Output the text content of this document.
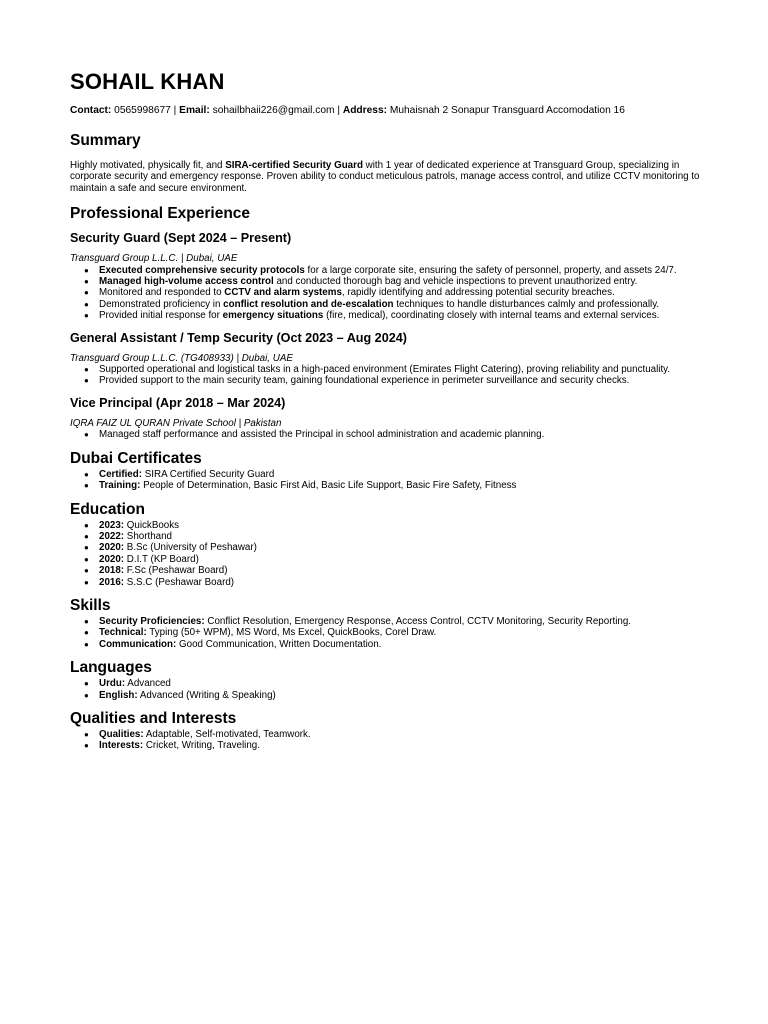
SOHAIL KHAN
Contact: 0565998677 | Email: sohailbhaii226@gmail.com | Address: Muhaisnah 2 Sonapur Transguard Accomodation 16
Summary
Highly motivated, physically fit, and SIRA-certified Security Guard with 1 year of dedicated experience at Transguard Group, specializing in corporate security and emergency response. Proven ability to conduct meticulous patrols, manage access control, and utilize CCTV monitoring to maintain a safe and secure environment.
Professional Experience
Security Guard (Sept 2024 – Present)
Transguard Group L.L.C. | Dubai, UAE
● Executed comprehensive security protocols for a large corporate site, ensuring the safety of personnel, property, and assets 24/7.
● Managed high-volume access control and conducted thorough bag and vehicle inspections to prevent unauthorized entry.
● Monitored and responded to CCTV and alarm systems, rapidly identifying and addressing potential security breaches.
● Demonstrated proficiency in conflict resolution and de-escalation techniques to handle disturbances calmly and professionally.
● Provided initial response for emergency situations (fire, medical), coordinating closely with internal teams and external services.
General Assistant / Temp Security (Oct 2023 – Aug 2024)
Transguard Group L.L.C. (TG408933) | Dubai, UAE
● Supported operational and logistical tasks in a high-paced environment (Emirates Flight Catering), proving reliability and punctuality.
● Provided support to the main security team, gaining foundational experience in perimeter surveillance and security checks.
Vice Principal (Apr 2018 – Mar 2024)
IQRA FAIZ UL QURAN Private School | Pakistan
● Managed staff performance and assisted the Principal in school administration and academic planning.
Dubai Certificates
● Certified: SIRA Certified Security Guard
● Training: People of Determination, Basic First Aid, Basic Life Support, Basic Fire Safety, Fitness
Education
● 2023: QuickBooks
● 2022: Shorthand
● 2020: B.Sc (University of Peshawar)
● 2020: D.I.T (KP Board)
● 2018: F.Sc (Peshawar Board)
● 2016: S.S.C (Peshawar Board)
Skills
● Security Proficiencies: Conflict Resolution, Emergency Response, Access Control, CCTV Monitoring, Security Reporting.
● Technical: Typing (50+ WPM), MS Word, Ms Excel, QuickBooks, Corel Draw.
● Communication: Good Communication, Written Documentation.
Languages
● Urdu: Advanced
● English: Advanced (Writing & Speaking)
Qualities and Interests
● Qualities: Adaptable, Self-motivated, Teamwork.
● Interests: Cricket, Writing, Traveling.
